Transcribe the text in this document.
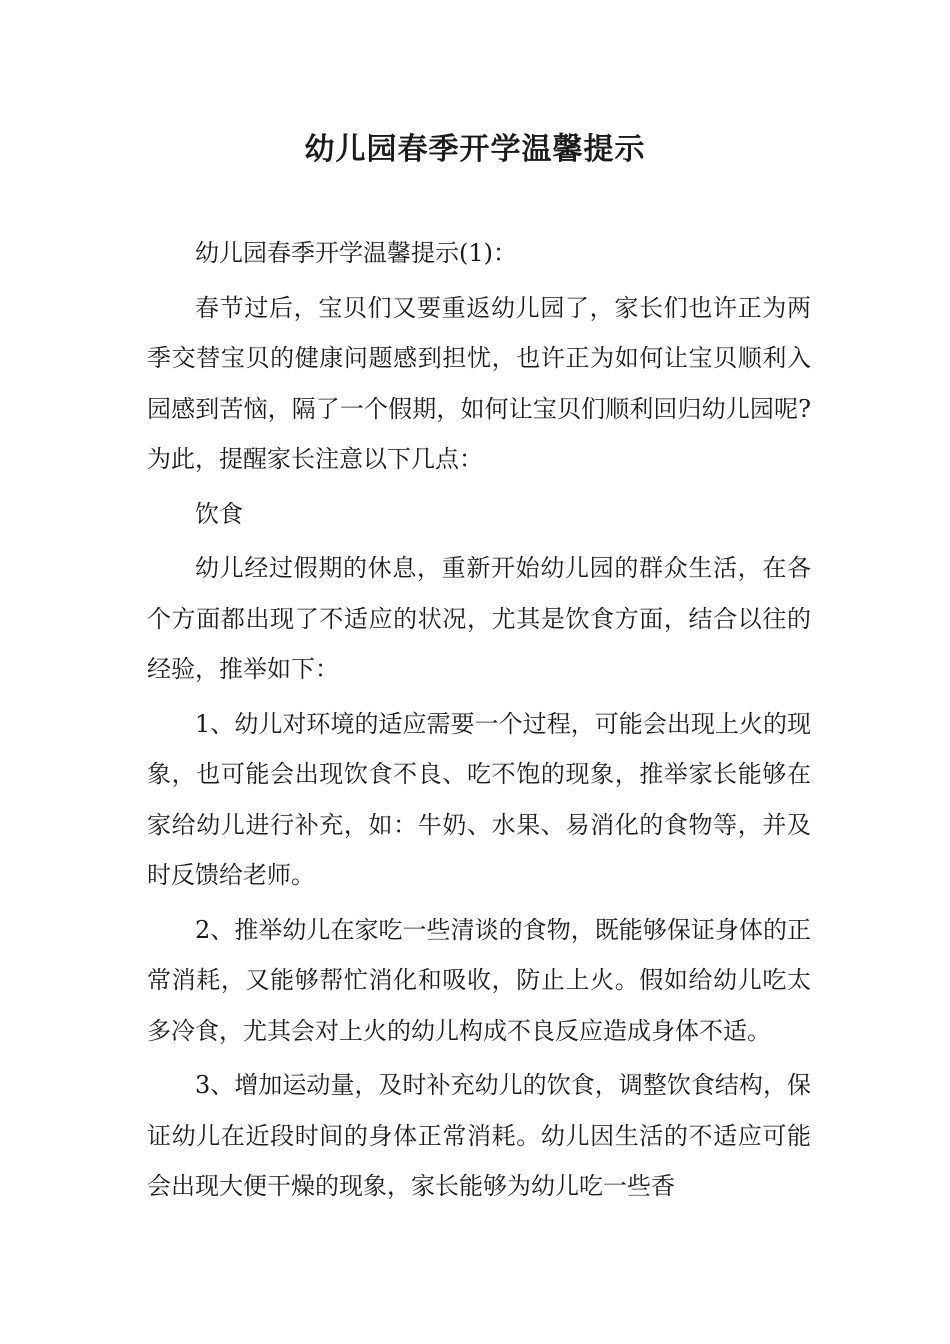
幼儿园春季开学温馨提示

幼儿园春季开学温馨提示(1)：

春节过后，宝贝们又要重返幼儿园了，家长们也许正为两季交替宝贝的健康问题感到担忧，也许正为如何让宝贝顺利入园感到苦恼，隔了一个假期，如何让宝贝们顺利回归幼儿园呢?为此，提醒家长注意以下几点：

饮食

幼儿经过假期的休息，重新开始幼儿园的群众生活，在各个方面都出现了不适应的状况，尤其是饮食方面，结合以往的经验，推举如下：

1、幼儿对环境的适应需要一个过程，可能会出现上火的现象，也可能会出现饮食不良、吃不饱的现象，推举家长能够在家给幼儿进行补充，如：牛奶、水果、易消化的食物等，并及时反馈给老师。

2、推举幼儿在家吃一些清谈的食物，既能够保证身体的正常消耗，又能够帮忙消化和吸收，防止上火。假如给幼儿吃太多冷食，尤其会对上火的幼儿构成不良反应造成身体不适。

3、增加运动量，及时补充幼儿的饮食，调整饮食结构，保证幼儿在近段时间的身体正常消耗。幼儿因生活的不适应可能会出现大便干燥的现象，家长能够为幼儿吃一些香
